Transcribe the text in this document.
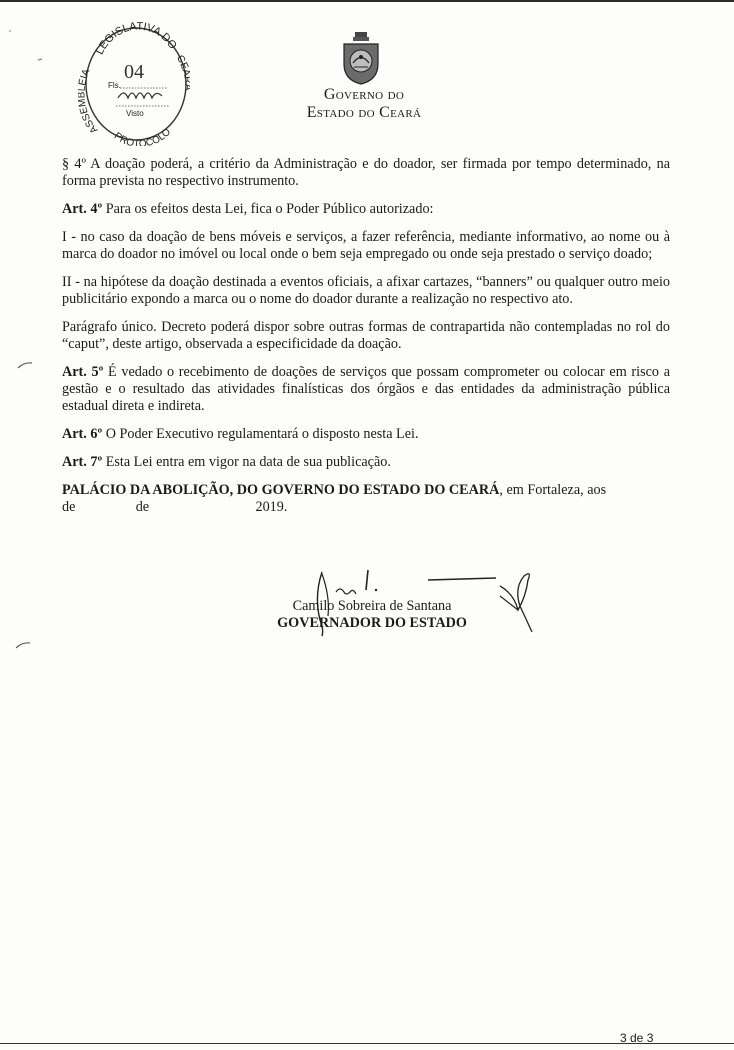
LEGISLATIVA DO
ASSE ÉIA
CE
PROTOCOLO
04
Fls.
Visto
Governo do
Estado do Ceará

§ 4º A doação poderá, a critério da Administração e do doador, ser firmada por tempo determinado, na forma prevista no respectivo instrumento.

Art. 4º Para os efeitos desta Lei, fica o Poder Público autorizado:

I - no caso da doação de bens móveis e serviços, a fazer referência, mediante informativo, ao nome ou à marca do doador no imóvel ou local onde o bem seja empregado ou onde seja prestado o serviço doado;

II - na hipótese da doação destinada a eventos oficiais, a afixar cartazes, “banners” ou qualquer outro meio publicitário expondo a marca ou o nome do doador durante a realização no respectivo ato.

Parágrafo único. Decreto poderá dispor sobre outras formas de contrapartida não contempladas no rol do “caput”, deste artigo, observada a especificidade da doação.

Art. 5º É vedado o recebimento de doações de serviços que possam comprometer ou colocar em risco a gestão e o resultado das atividades finalísticas dos órgãos e das entidades da administração pública estadual direta e indireta.

Art. 6º O Poder Executivo regulamentará o disposto nesta Lei.

Art. 7º Esta Lei entra em vigor na data de sua publicação.

PALÁCIO DA ABOLIÇÃO, DO GOVERNO DO ESTADO DO CEARÁ, em Fortaleza, aos
de                 de                              2019.

Camilo Sobreira de Santana
GOVERNADOR DO ESTADO
3 de 3
